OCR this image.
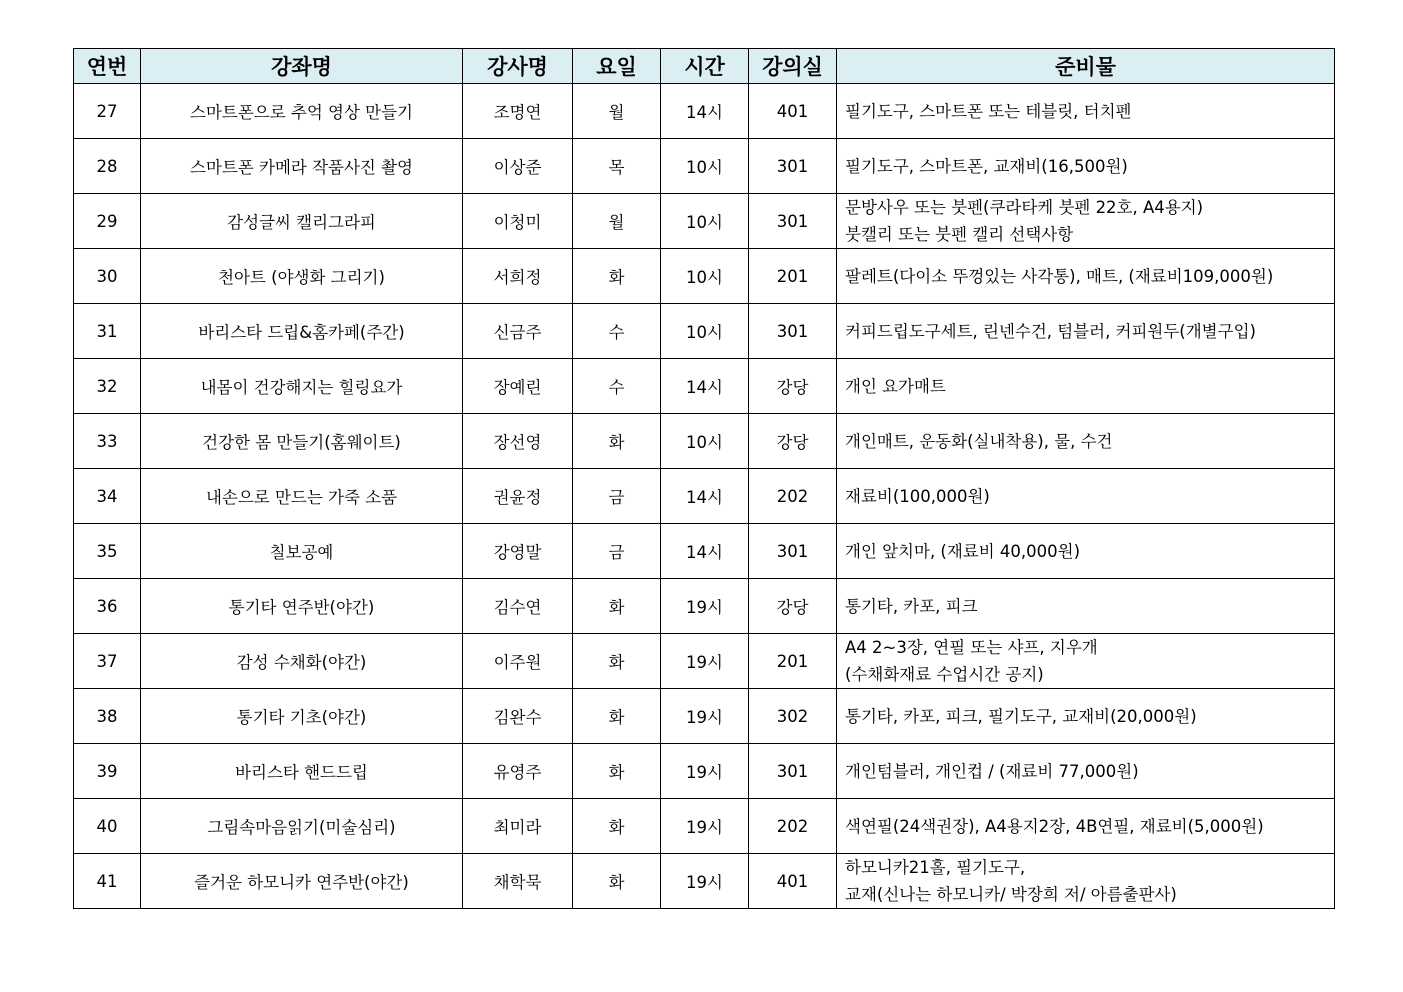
연번	강좌명	강사명	요일	시간	강의실	준비물
27	스마트폰으로 추억 영상 만들기	조명연	월	14시	401	필기도구, 스마트폰 또는 테블릿, 터치펜

28	스마트폰 카메라 작품사진 촬영	이상준	목	10시	301	필기도구, 스마트폰, 교재비(16,500원)

29	감성글씨 캘리그라피	이청미	월	10시	301	문방사우 또는 붓펜(쿠라타케 붓펜 22호, A4용지)
붓캘리 또는 붓펜 캘리 선택사항

30	천아트 (야생화 그리기)	서희정	화	10시	201	팔레트(다이소 뚜껑있는 사각통), 매트, (재료비109,000원)

31	바리스타 드립&홈카페(주간)	신금주	수	10시	301	커피드립도구세트, 린넨수건, 텀블러, 커피원두(개별구입)

32	내몸이 건강해지는 힐링요가	장예린	수	14시	강당	개인 요가매트

33	건강한 몸 만들기(홈웨이트)	장선영	화	10시	강당	개인매트, 운동화(실내착용), 물, 수건

34	내손으로 만드는 가죽 소품	권윤정	금	14시	202	재료비(100,000원)

35	칠보공예	강영말	금	14시	301	개인 앞치마, (재료비 40,000원)

36	통기타 연주반(야간)	김수연	화	19시	강당	통기타, 카포, 피크

37	감성 수채화(야간)	이주원	화	19시	201	A4 2~3장, 연필 또는 샤프, 지우개
(수채화재료 수업시간 공지)

38	통기타 기초(야간)	김완수	화	19시	302	통기타, 카포, 피크, 필기도구, 교재비(20,000원)

39	바리스타 핸드드립	유영주	화	19시	301	개인텀블러, 개인컵 / (재료비 77,000원)

40	그림속마음읽기(미술심리)	최미라	화	19시	202	색연필(24색권장), A4용지2장, 4B연필, 재료비(5,000원)

41	즐거운 하모니카 연주반(야간)	채학묵	화	19시	401	하모니카21홀, 필기도구,
교재(신나는 하모니카/ 박장희 저/ 아름출판사)
